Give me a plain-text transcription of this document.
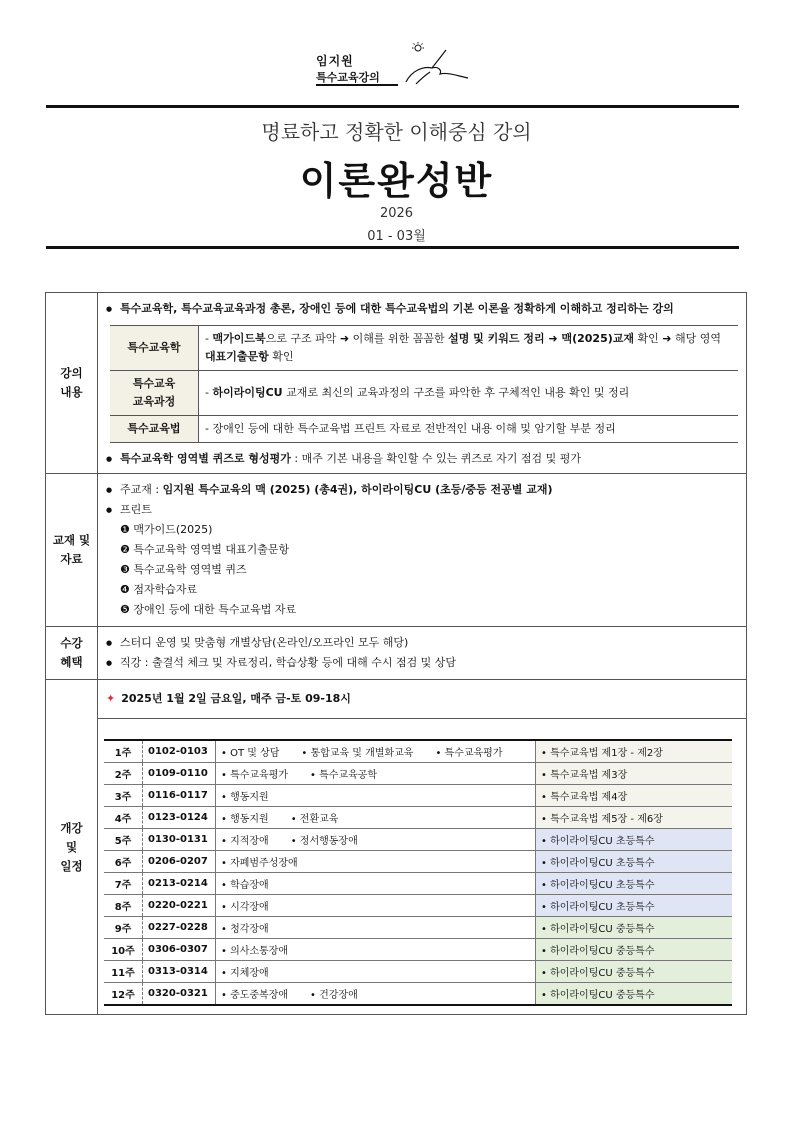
임지원
특수교육강의
명료하고 정확한 이해중심 강의
이론완성반
2026
01 - 03월
강의
내용	
● 특수교육학, 특수교육교육과정 총론, 장애인 등에 대한 특수교육법의 기본 이론을 정확하게 이해하고 정리하는 강의
특수교육학	- 맥가이드북으로 구조 파악 ➜ 이해를 위한 꼼꼼한 설명 및 키워드 정리 ➜ 맥(2025)교재 확인 ➜ 해당 영역 대표기출문항 확인
특수교육
교육과정	- 하이라이팅CU 교재로 최신의 교육과정의 구조를 파악한 후 구체적인 내용 확인 및 정리
특수교육법	- 장애인 등에 대한 특수교육법 프린트 자료로 전반적인 내용 이해 및 암기할 부분 정리
● 특수교육학 영역별 퀴즈로 형성평가 : 매주 기본 내용을 확인할 수 있는 퀴즈로 자기 점검 및 평가

교재 및
자료	
● 주교재 : 임지원 특수교육의 맥 (2025) (총4권), 하이라이팅CU (초등/중등 전공별 교재)
● 프린트
❶ 맥가이드(2025)
❷ 특수교육학 영역별 대표기출문항
❸ 특수교육학 영역별 퀴즈
❹ 점자학습자료
❺ 장애인 등에 대한 특수교육법 자료

수강
혜택	
● 스터디 운영 및 맞춤형 개별상담(온라인/오프라인 모두 해당)
● 직강 : 출결석 체크 및 자료정리, 학습상황 등에 대해 수시 점검 및 상담

개강
및
일정	
✦ 2025년 1월 2일 금요일, 매주 금-토 09-18시
1주	0102-0103	• OT 및 상담 • 통합교육 및 개별화교육 • 특수교육평가	• 특수교육법 제1장 - 제2장
2주	0109-0110	• 특수교육평가 • 특수교육공학	• 특수교육법 제3장
3주	0116-0117	• 행동지원	• 특수교육법 제4장
4주	0123-0124	• 행동지원 • 전환교육	• 특수교육법 제5장 - 제6장
5주	0130-0131	• 지적장애 • 정서행동장애	• 하이라이팅CU 초등특수
6주	0206-0207	• 자폐범주성장애	• 하이라이팅CU 초등특수
7주	0213-0214	• 학습장애	• 하이라이팅CU 초등특수
8주	0220-0221	• 시각장애	• 하이라이팅CU 초등특수
9주	0227-0228	• 청각장애	• 하이라이팅CU 중등특수
10주	0306-0307	• 의사소통장애	• 하이라이팅CU 중등특수
11주	0313-0314	• 지체장애	• 하이라이팅CU 중등특수
12주	0320-0321	• 중도중복장애 • 건강장애	• 하이라이팅CU 중등특수
